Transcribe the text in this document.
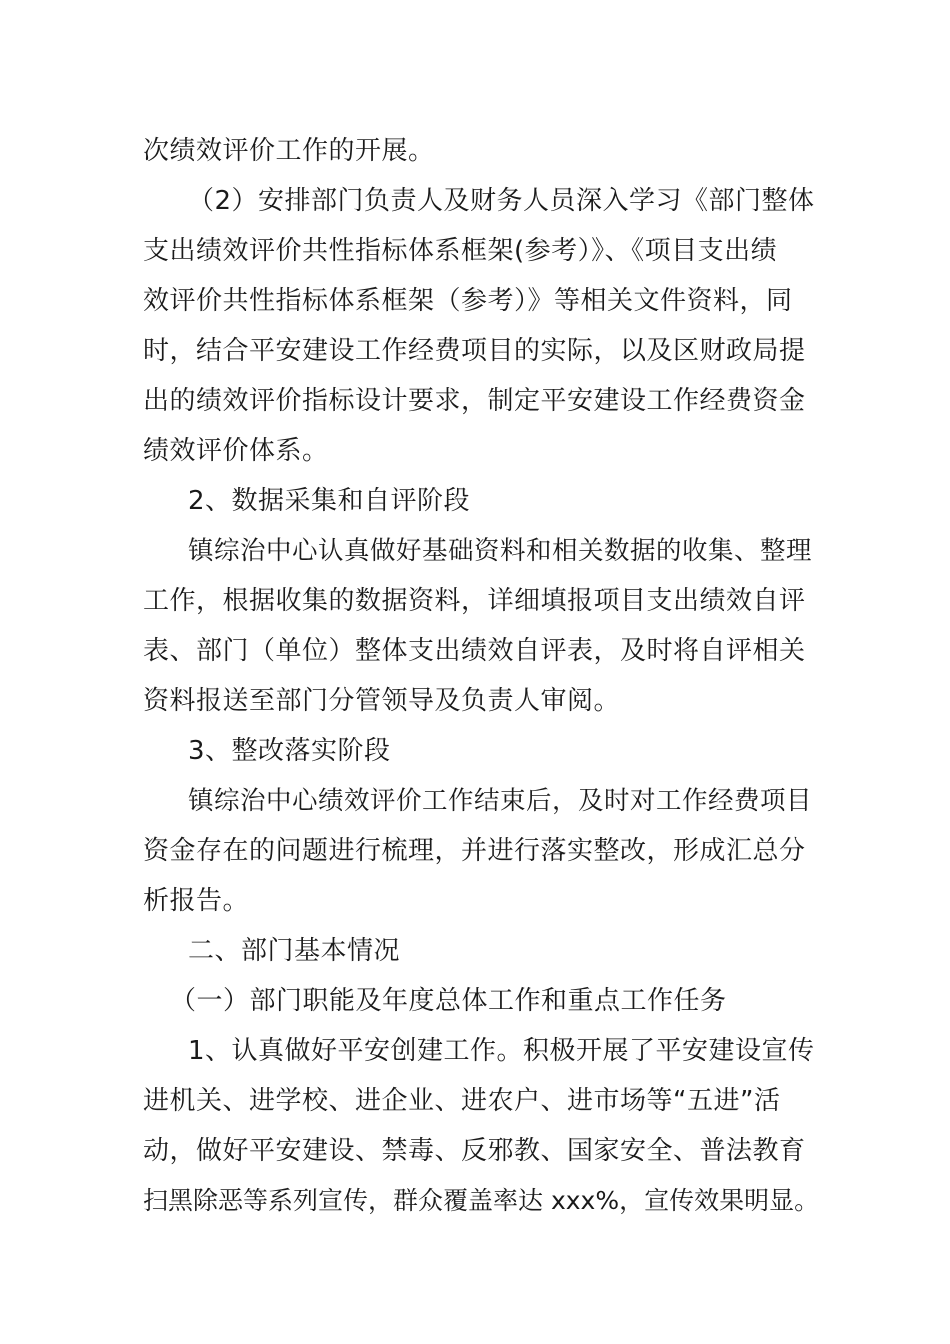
次绩效评价工作的开展。
（2）安排部门负责人及财务人员深入学习《部门整体
支出绩效评价共性指标体系框架(参考）》、《项目支出绩
效评价共性指标体系框架（参考）》等相关文件资料，同
时，结合平安建设工作经费项目的实际，以及区财政局提
出的绩效评价指标设计要求，制定平安建设工作经费资金
绩效评价体系。
2、数据采集和自评阶段
镇综治中心认真做好基础资料和相关数据的收集、整理
工作，根据收集的数据资料，详细填报项目支出绩效自评
表、部门（单位）整体支出绩效自评表，及时将自评相关
资料报送至部门分管领导及负责人审阅。
3、整改落实阶段
镇综治中心绩效评价工作结束后，及时对工作经费项目
资金存在的问题进行梳理，并进行落实整改，形成汇总分
析报告。
二、部门基本情况
（一）部门职能及年度总体工作和重点工作任务
1、认真做好平安创建工作。积极开展了平安建设宣传
进机关、进学校、进企业、进农户、进市场等“五进”活
动，做好平安建设、禁毒、反邪教、国家安全、普法教育
扫黑除恶等系列宣传，群众覆盖率达 xxx%，宣传效果明显。
